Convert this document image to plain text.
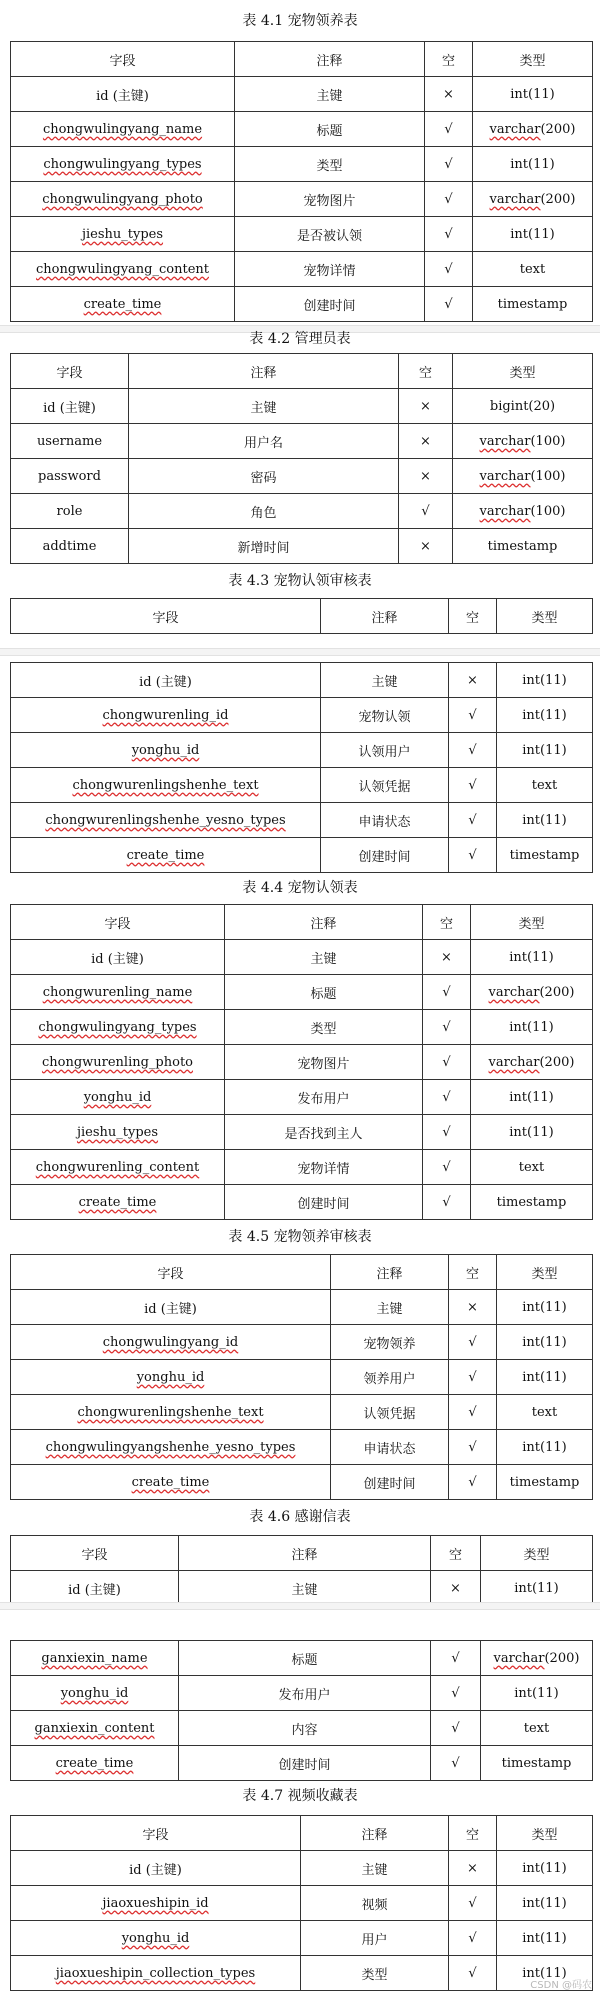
表 4.1 宠物领养表
字段	注释	空	类型
id (主键)	主键	×	int(11)
chongwulingyang_name	标题	√	varchar(200)
chongwulingyang_types	类型	√	int(11)
chongwulingyang_photo	宠物图片	√	varchar(200)
jieshu_types	是否被认领	√	int(11)
chongwulingyang_content	宠物详情	√	text
create_time	创建时间	√	timestamp
表 4.2 管理员表
字段	注释	空	类型
id (主键)	主键	×	bigint(20)
username	用户名	×	varchar(100)
password	密码	×	varchar(100)
role	角色	√	varchar(100)
addtime	新增时间	×	timestamp
表 4.3 宠物认领审核表
字段	注释	空	类型
id (主键)	主键	×	int(11)
chongwurenling_id	宠物认领	√	int(11)
yonghu_id	认领用户	√	int(11)
chongwurenlingshenhe_text	认领凭据	√	text
chongwurenlingshenhe_yesno_types	申请状态	√	int(11)
create_time	创建时间	√	timestamp
表 4.4 宠物认领表
字段	注释	空	类型
id (主键)	主键	×	int(11)
chongwurenling_name	标题	√	varchar(200)
chongwulingyang_types	类型	√	int(11)
chongwurenling_photo	宠物图片	√	varchar(200)
yonghu_id	发布用户	√	int(11)
jieshu_types	是否找到主人	√	int(11)
chongwurenling_content	宠物详情	√	text
create_time	创建时间	√	timestamp
表 4.5 宠物领养审核表
字段	注释	空	类型
id (主键)	主键	×	int(11)
chongwulingyang_id	宠物领养	√	int(11)
yonghu_id	领养用户	√	int(11)
chongwurenlingshenhe_text	认领凭据	√	text
chongwulingyangshenhe_yesno_types	申请状态	√	int(11)
create_time	创建时间	√	timestamp
表 4.6 感谢信表
字段	注释	空	类型
id (主键)	主键	×	int(11)
ganxiexin_name	标题	√	varchar(200)
yonghu_id	发布用户	√	int(11)
ganxiexin_content	内容	√	text
create_time	创建时间	√	timestamp
表 4.7 视频收藏表
字段	注释	空	类型
id (主键)	主键	×	int(11)
jiaoxueshipin_id	视频	√	int(11)
yonghu_id	用户	√	int(11)
jiaoxueshipin_collection_types	类型	√	int(11)
CSDN @码农
